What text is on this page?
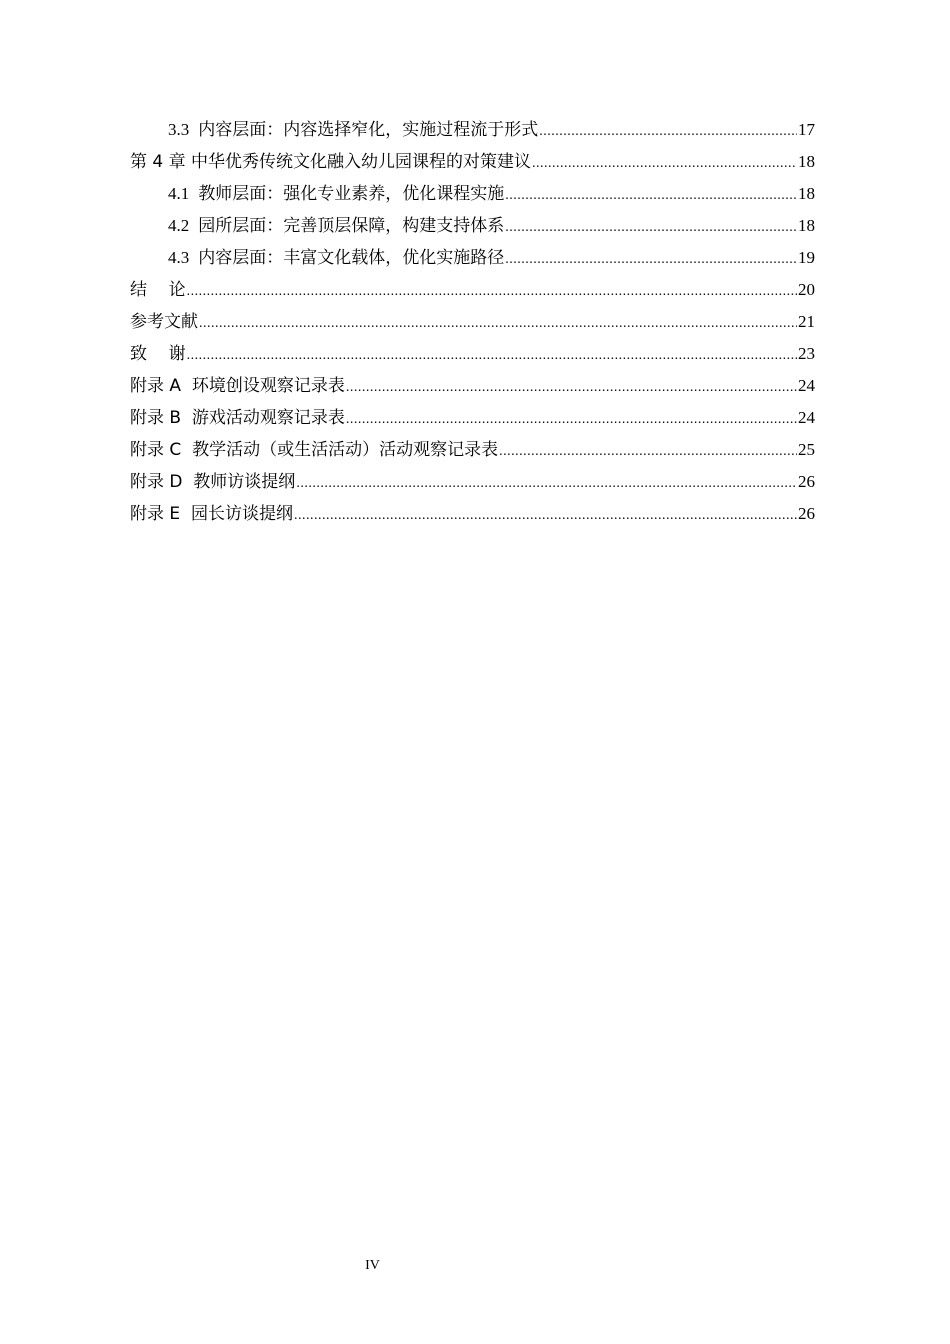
3.3 内容层面：内容选择窄化，实施过程流于形式 .....	17
第 4 章 中华优秀传统文化融入幼儿园课程的对策建议 .....	18
4.1 教师层面：强化专业素养，优化课程实施 .....	18
4.2 园所层面：完善顶层保障，构建支持体系 .....	18
4.3 内容层面：丰富文化载体，优化实施路径 .....	19
结    论 .....	20
参考文献 .....	21
致    谢 .....	23
附录 A  环境创设观察记录表 .....	24
附录 B  游戏活动观察记录表 .....	24
附录 C  教学活动（或生活活动）活动观察记录表 .....	25
附录 D  教师访谈提纲 .....	26
附录 E  园长访谈提纲 .....	26
IV
